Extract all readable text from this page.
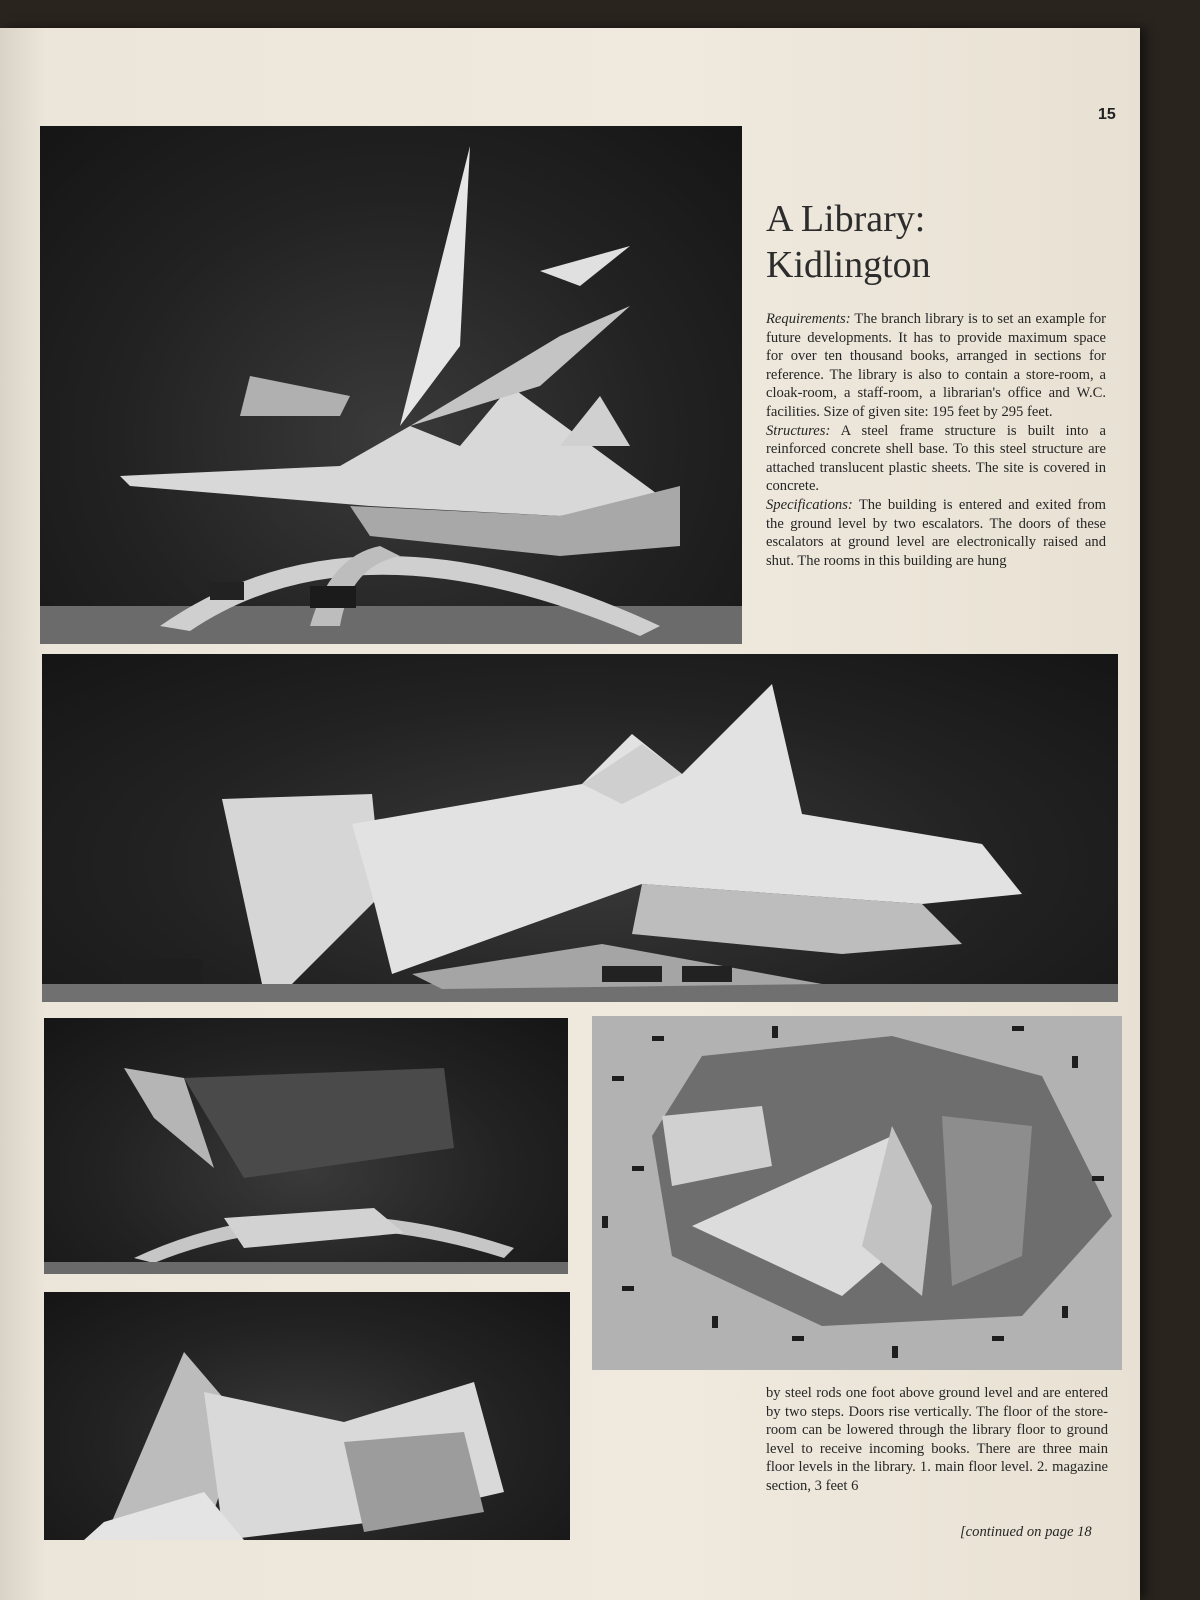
15
A Library:
Kidlington

Requirements: The branch library is to set an example for future developments. It has to provide maximum space for over ten thousand books, arranged in sections for reference. The library is also to contain a store-room, a cloak-room, a staff-room, a librarian's office and W.C. facilities. Size of given site: 195 feet by 295 feet.

Structures: A steel frame structure is built into a reinforced concrete shell base. To this steel structure are attached translucent plastic sheets. The site is covered in concrete.

Specifications: The building is entered and exited from the ground level by two escalators. The doors of these escalators at ground level are electronically raised and shut. The rooms in this building are hung

by steel rods one foot above ground level and are entered by two steps. Doors rise vertically. The floor of the store-room can be lowered through the library floor to ground level to receive incoming books. There are three main floor levels in the library. 1. main floor level. 2. magazine section, 3 feet 6

[continued on page 18
